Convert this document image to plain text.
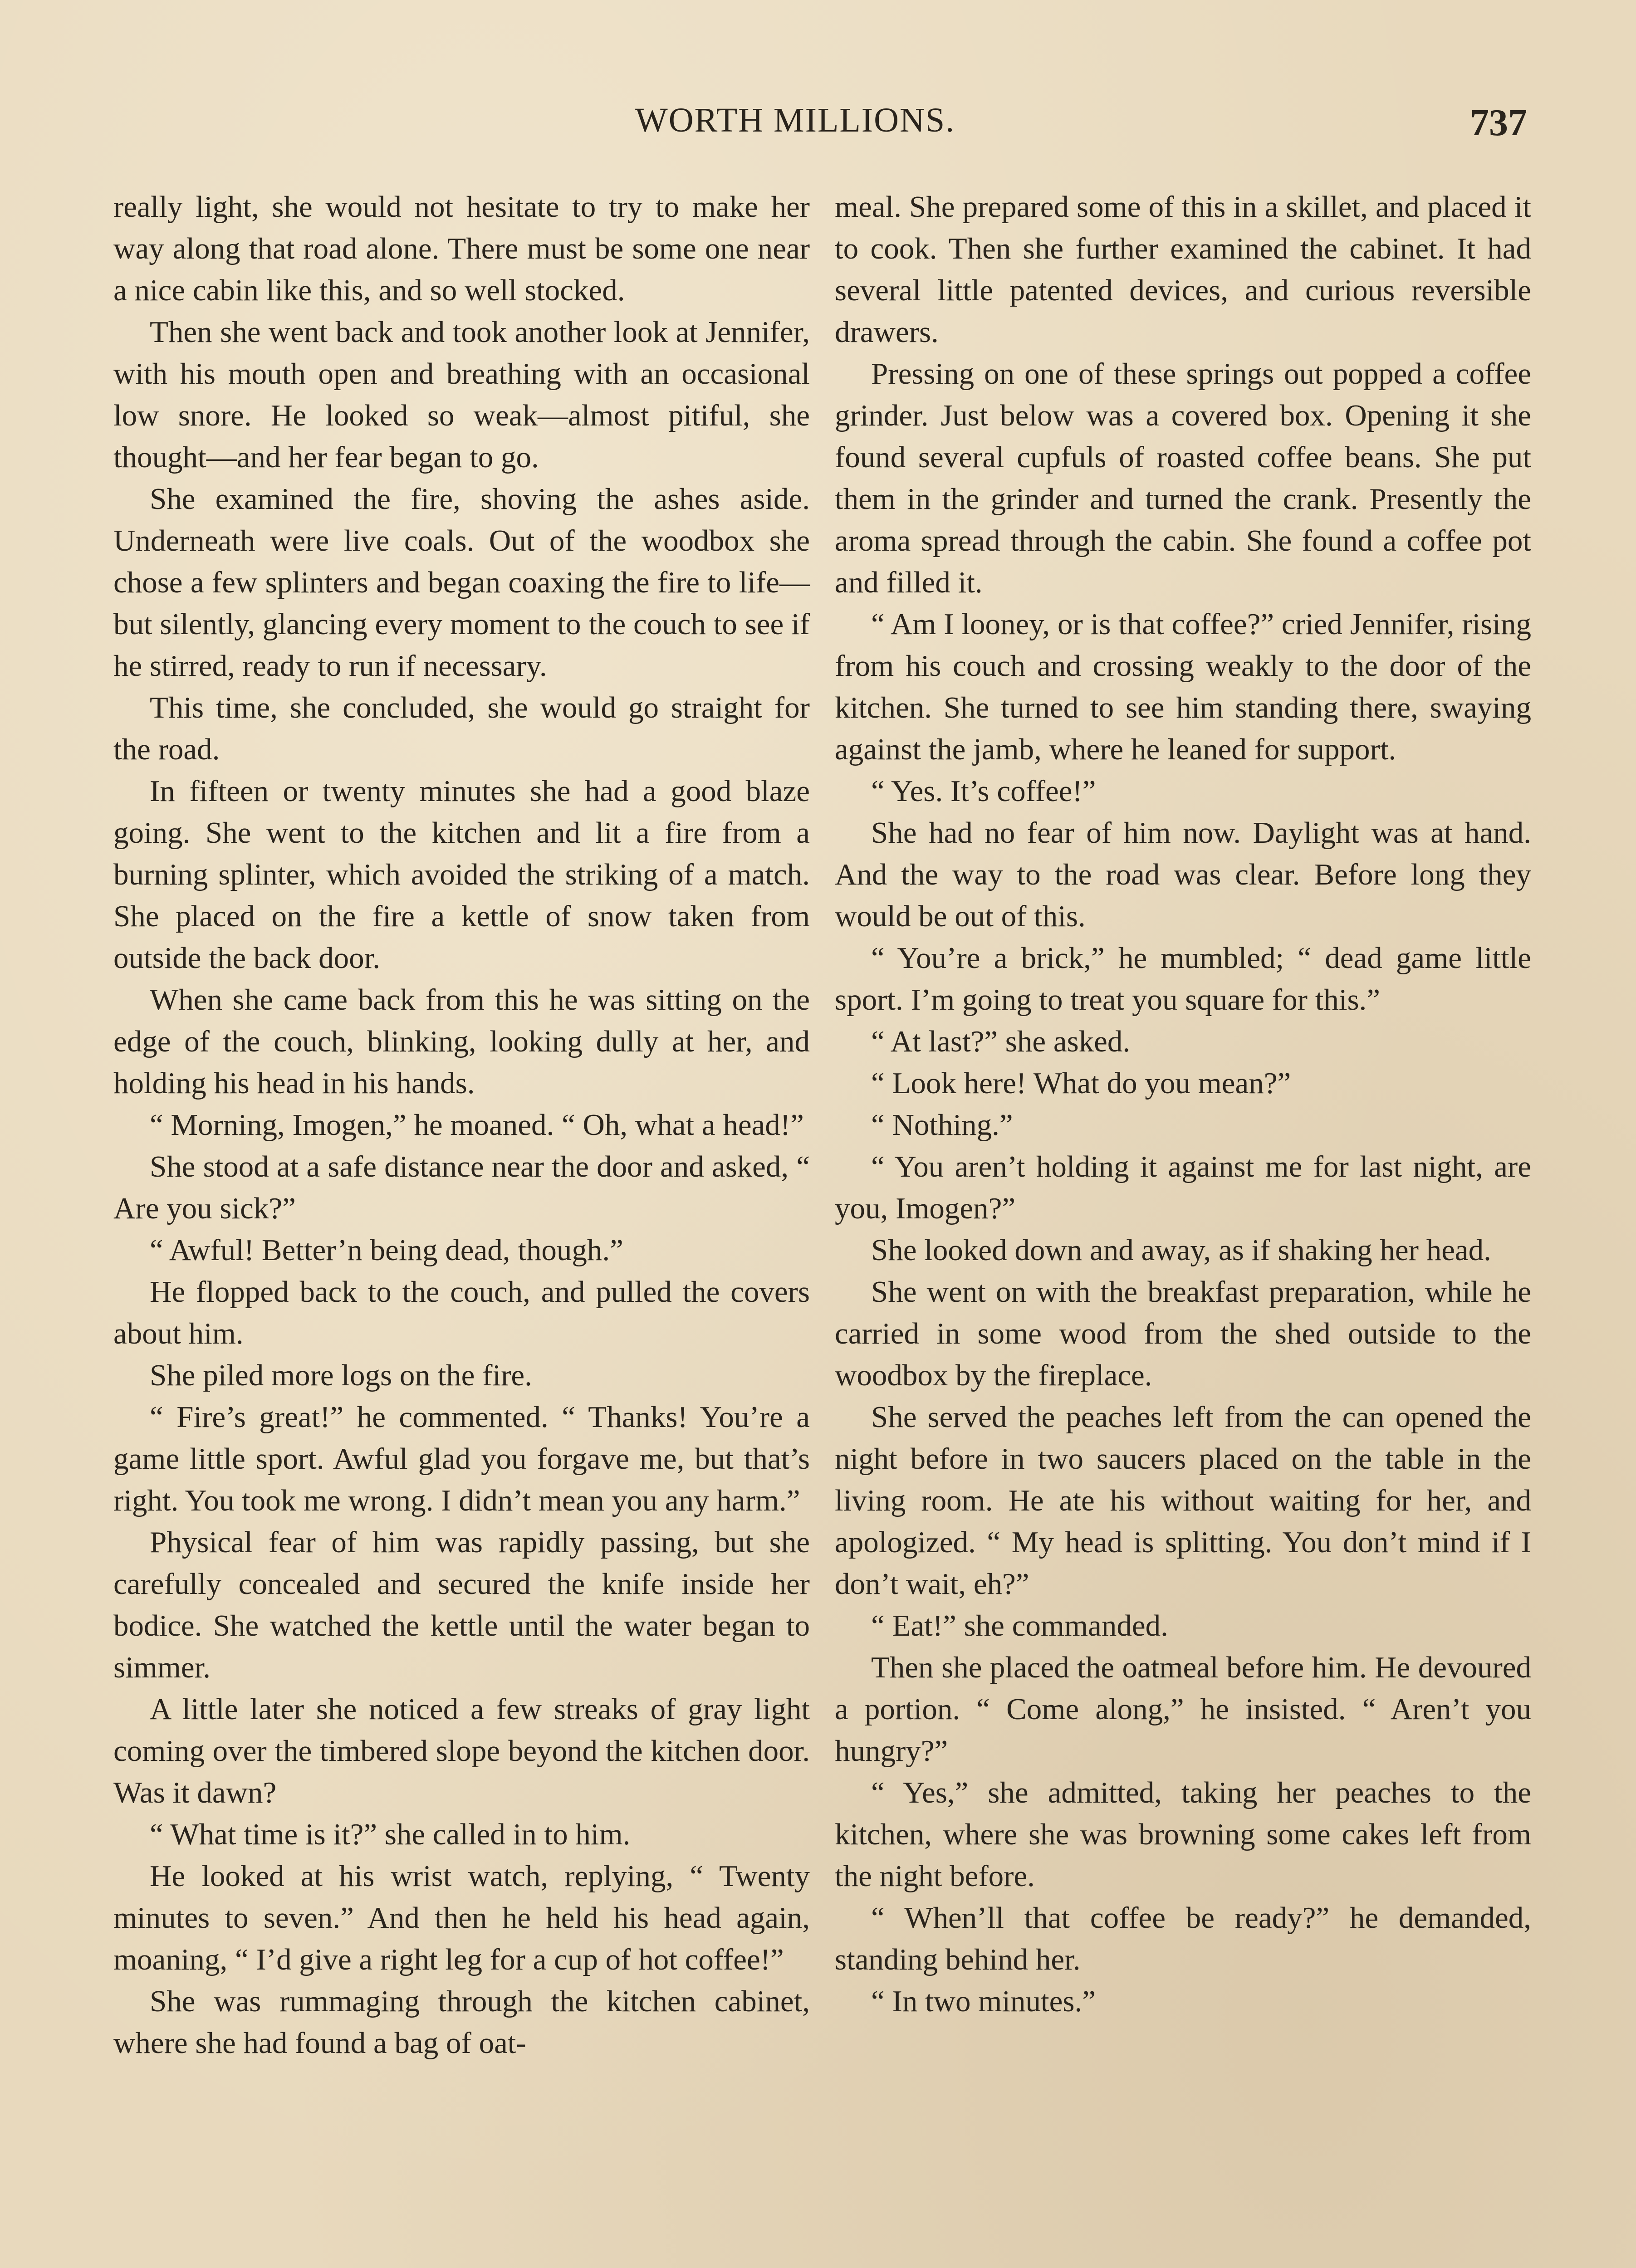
WORTH MILLIONS.	737

really light, she would not hesitate to try to make her way along that road alone. There must be some one near a nice cabin like this, and so well stocked.

Then she went back and took another look at Jennifer, with his mouth open and breathing with an occasional low snore. He looked so weak—almost pitiful, she thought—and her fear began to go.

She examined the fire, shoving the ashes aside. Underneath were live coals. Out of the woodbox she chose a few splinters and began coaxing the fire to life—but silently, glancing every moment to the couch to see if he stirred, ready to run if necessary.

This time, she concluded, she would go straight for the road.

In fifteen or twenty minutes she had a good blaze going. She went to the kitchen and lit a fire from a burning splinter, which avoided the striking of a match. She placed on the fire a kettle of snow taken from outside the back door.

When she came back from this he was sitting on the edge of the couch, blinking, looking dully at her, and holding his head in his hands.

“ Morning, Imogen,” he moaned. “ Oh, what a head!”

She stood at a safe distance near the door and asked, “ Are you sick?”

“ Awful! Better’n being dead, though.”

He flopped back to the couch, and pulled the covers about him.

She piled more logs on the fire.

“ Fire’s great!” he commented. “ Thanks! You’re a game little sport. Awful glad you forgave me, but that’s right. You took me wrong. I didn’t mean you any harm.”

Physical fear of him was rapidly passing, but she carefully concealed and secured the knife inside her bodice. She watched the kettle until the water began to simmer.

A little later she noticed a few streaks of gray light coming over the timbered slope beyond the kitchen door. Was it dawn?

“ What time is it?” she called in to him.

He looked at his wrist watch, replying, “ Twenty minutes to seven.” And then he held his head again, moaning, “ I’d give a right leg for a cup of hot coffee!”

She was rummaging through the kitchen cabinet, where she had found a bag of oat-

meal. She prepared some of this in a skillet, and placed it to cook. Then she further examined the cabinet. It had several little patented devices, and curious reversible drawers.

Pressing on one of these springs out popped a coffee grinder. Just below was a covered box. Opening it she found several cupfuls of roasted coffee beans. She put them in the grinder and turned the crank. Presently the aroma spread through the cabin. She found a coffee pot and filled it.

“ Am I looney, or is that coffee?” cried Jennifer, rising from his couch and crossing weakly to the door of the kitchen. She turned to see him standing there, swaying against the jamb, where he leaned for support.

“ Yes. It’s coffee!”

She had no fear of him now. Daylight was at hand. And the way to the road was clear. Before long they would be out of this.

“ You’re a brick,” he mumbled; “ dead game little sport. I’m going to treat you square for this.”

“ At last?” she asked.

“ Look here! What do you mean?”

“ Nothing.”

“ You aren’t holding it against me for last night, are you, Imogen?”

She looked down and away, as if shaking her head.

She went on with the breakfast preparation, while he carried in some wood from the shed outside to the woodbox by the fireplace.

She served the peaches left from the can opened the night before in two saucers placed on the table in the living room. He ate his without waiting for her, and apologized. “ My head is splitting. You don’t mind if I don’t wait, eh?”

“ Eat!” she commanded.

Then she placed the oatmeal before him. He devoured a portion. “ Come along,” he insisted. “ Aren’t you hungry?”

“ Yes,” she admitted, taking her peaches to the kitchen, where she was browning some cakes left from the night before.

“ When’ll that coffee be ready?” he demanded, standing behind her.

“ In two minutes.”
